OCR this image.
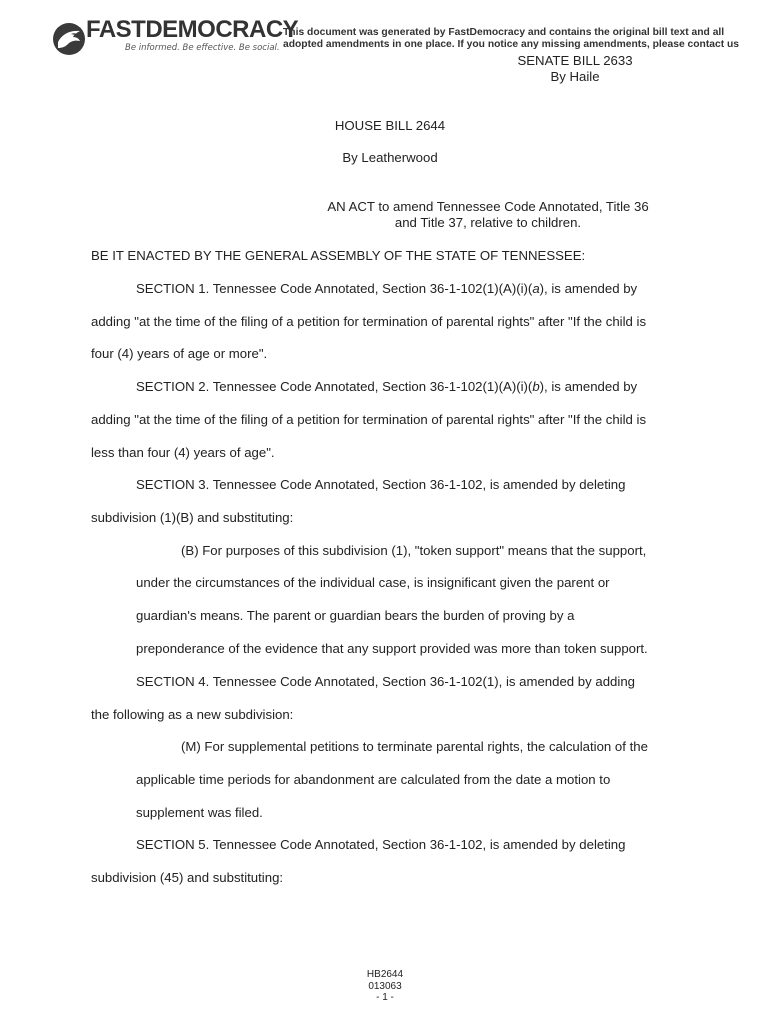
FASTDEMOCRACY
Be informed. Be effective. Be social.
This document was generated by FastDemocracy and contains the original bill text and all adopted amendments in one place. If you notice any missing amendments, please contact us
SENATE BILL 2633
By Haile
HOUSE BILL 2644
By Leatherwood
AN ACT to amend Tennessee Code Annotated, Title 36
and Title 37, relative to children.
BE IT ENACTED BY THE GENERAL ASSEMBLY OF THE STATE OF TENNESSEE:
SECTION 1. Tennessee Code Annotated, Section 36-1-102(1)(A)(i)(a), is amended by
adding "at the time of the filing of a petition for termination of parental rights" after "If the child is
four (4) years of age or more".
SECTION 2. Tennessee Code Annotated, Section 36-1-102(1)(A)(i)(b), is amended by
adding "at the time of the filing of a petition for termination of parental rights" after "If the child is
less than four (4) years of age".
SECTION 3. Tennessee Code Annotated, Section 36-1-102, is amended by deleting
subdivision (1)(B) and substituting:
(B) For purposes of this subdivision (1), "token support" means that the support,
under the circumstances of the individual case, is insignificant given the parent or
guardian's means. The parent or guardian bears the burden of proving by a
preponderance of the evidence that any support provided was more than token support.
SECTION 4. Tennessee Code Annotated, Section 36-1-102(1), is amended by adding
the following as a new subdivision:
(M) For supplemental petitions to terminate parental rights, the calculation of the
applicable time periods for abandonment are calculated from the date a motion to
supplement was filed.
SECTION 5. Tennessee Code Annotated, Section 36-1-102, is amended by deleting
subdivision (45) and substituting:
HB2644
013063
- 1 -
